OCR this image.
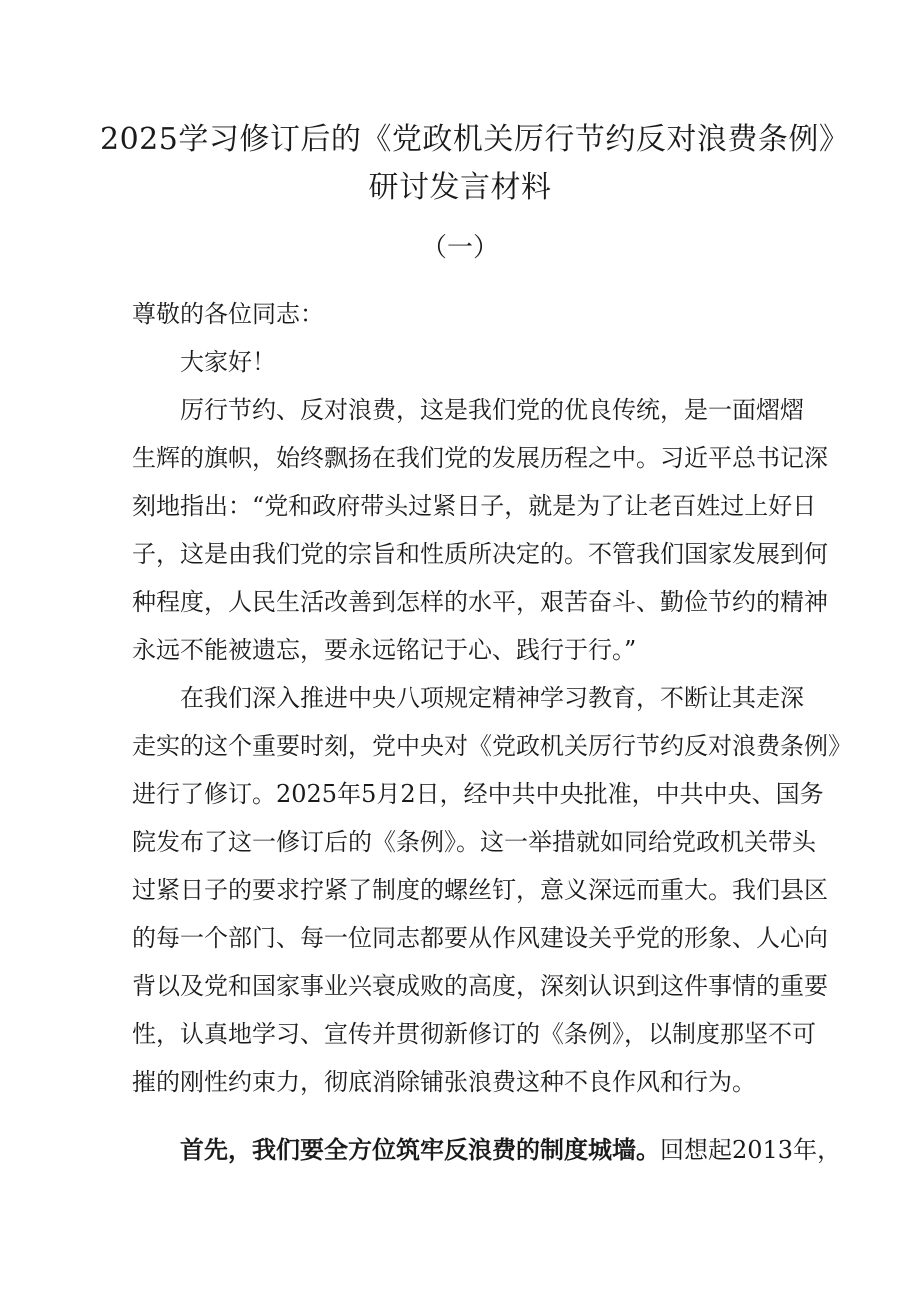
2025学习修订后的《党政机关厉行节约反对浪费条例》
研讨发言材料
（一）
尊敬的各位同志：
大家好！
厉行节约、反对浪费，这是我们党的优良传统，是一面熠熠
生辉的旗帜，始终飘扬在我们党的发展历程之中。习近平总书记深
刻地指出：“党和政府带头过紧日子，就是为了让老百姓过上好日
子，这是由我们党的宗旨和性质所决定的。不管我们国家发展到何
种程度，人民生活改善到怎样的水平，艰苦奋斗、勤俭节约的精神
永远不能被遗忘，要永远铭记于心、践行于行。”
在我们深入推进中央八项规定精神学习教育，不断让其走深
走实的这个重要时刻，党中央对《党政机关厉行节约反对浪费条例》
进行了修订。2025年5月2日，经中共中央批准，中共中央、国务
院发布了这一修订后的《条例》。这一举措就如同给党政机关带头
过紧日子的要求拧紧了制度的螺丝钉，意义深远而重大。我们县区
的每一个部门、每一位同志都要从作风建设关乎党的形象、人心向
背以及党和国家事业兴衰成败的高度，深刻认识到这件事情的重要
性，认真地学习、宣传并贯彻新修订的《条例》，以制度那坚不可
摧的刚性约束力，彻底消除铺张浪费这种不良作风和行为。
首先，我们要全方位筑牢反浪费的制度城墙。回想起2013年，
